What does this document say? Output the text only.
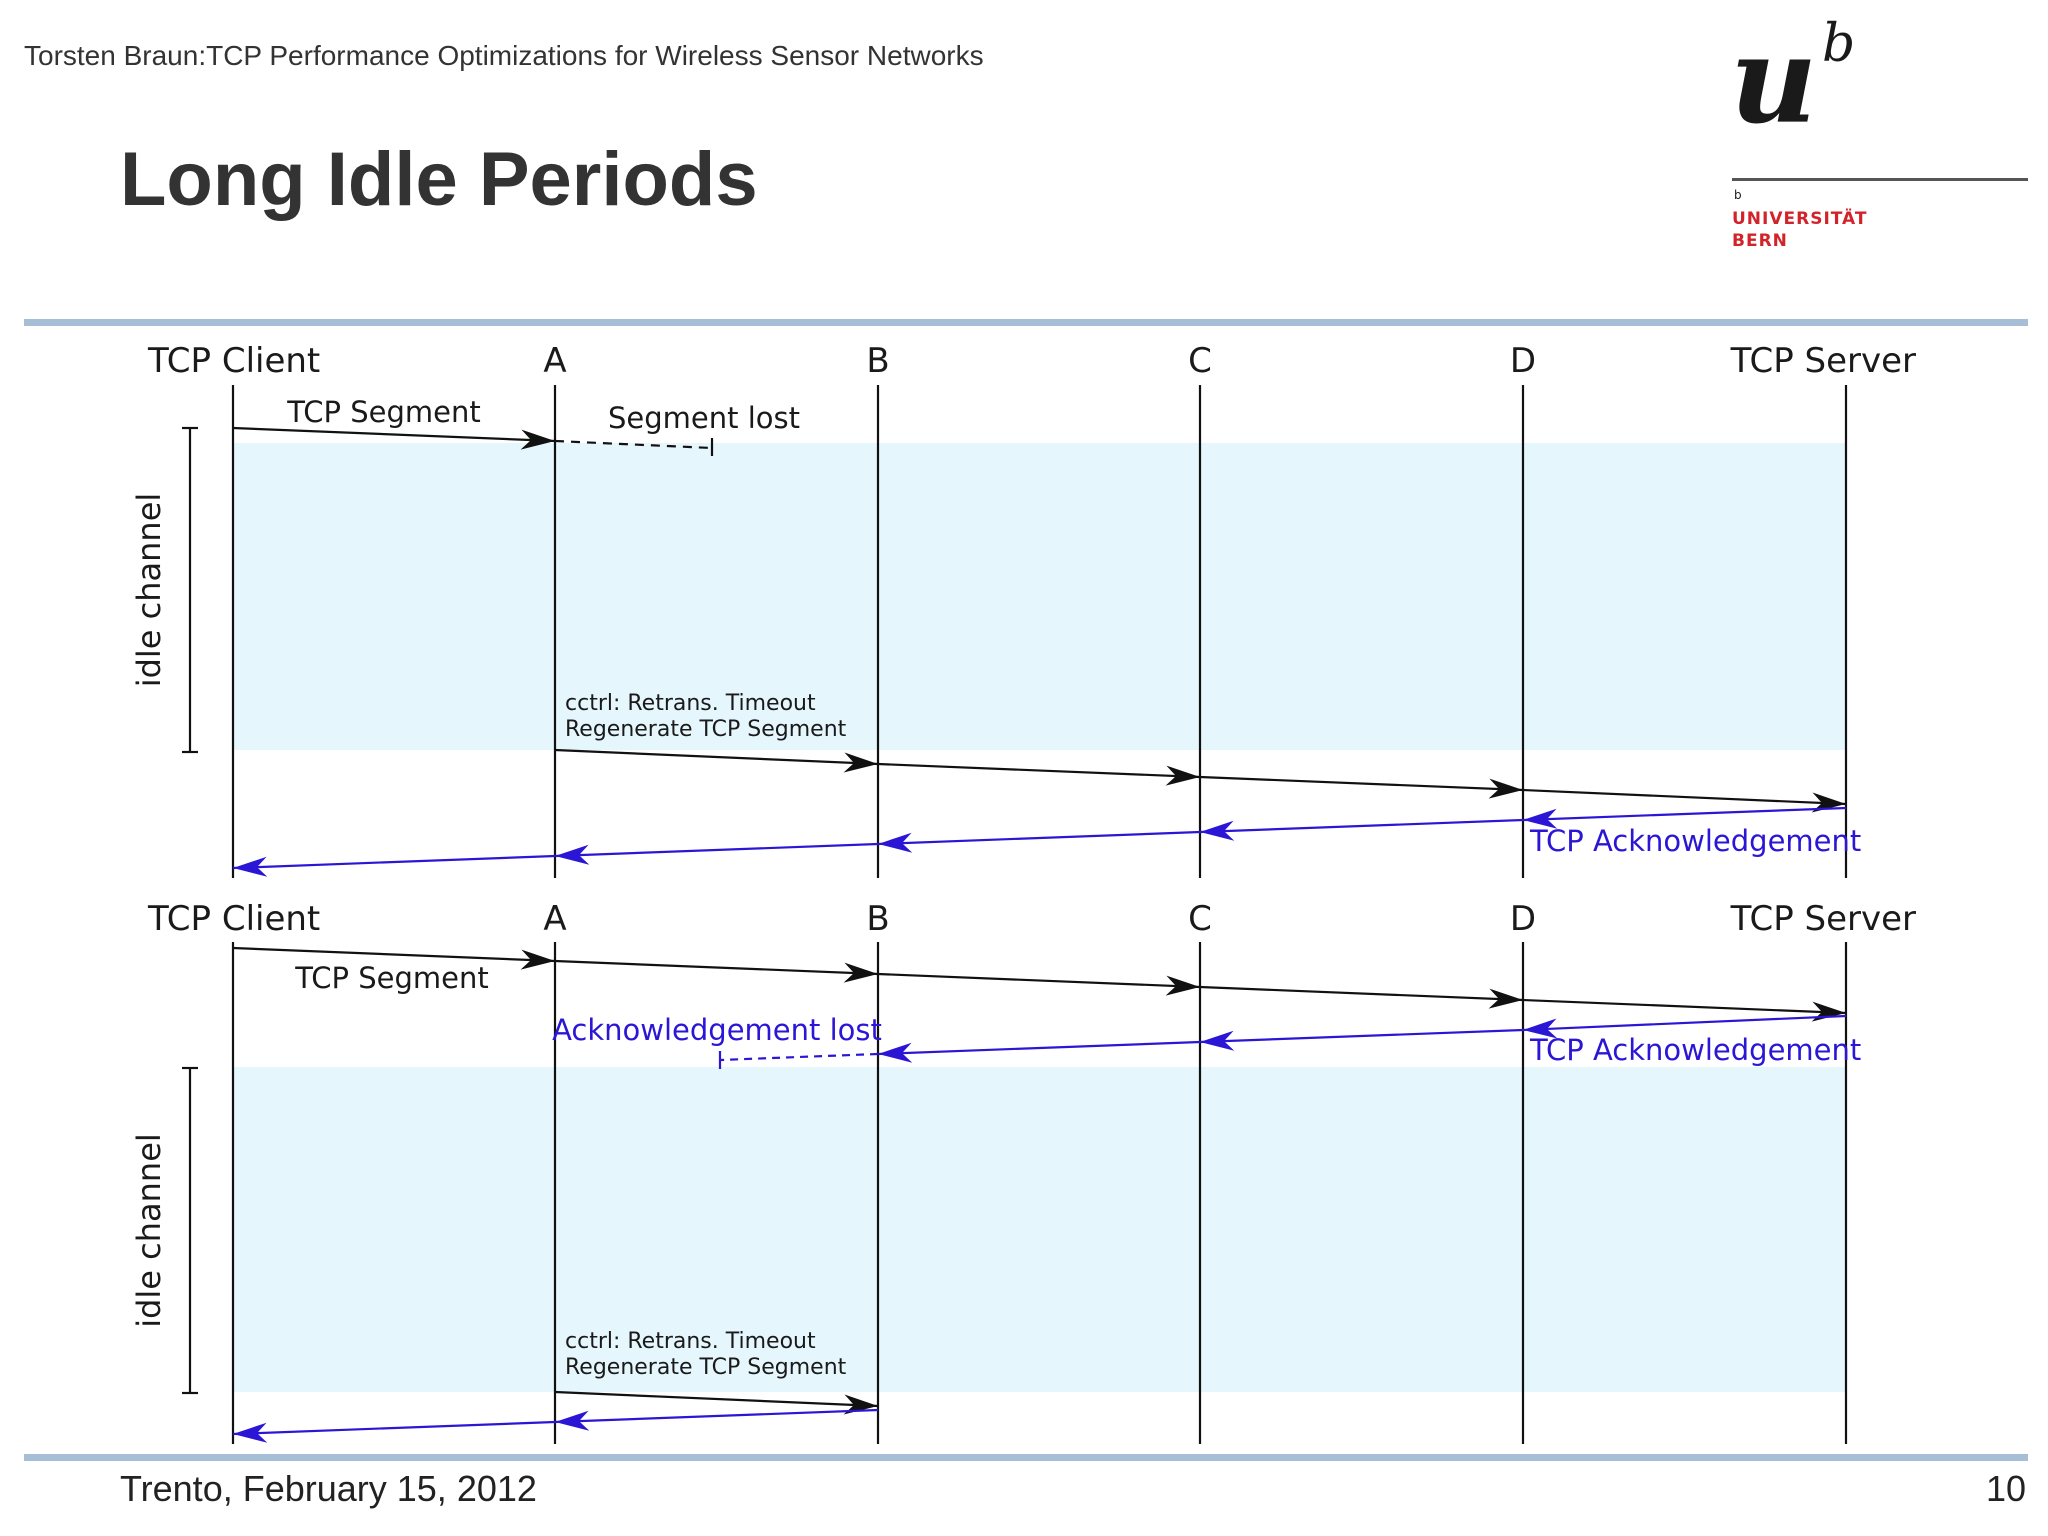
Torsten Braun:TCP Performance Optimizations for Wireless Sensor Networks
Long Idle Periods
u b
b
UNIVERSITÄT
BERN
TCP Client	A	B	C	D	TCP Server
idle channel
TCP Segment	Segment lost
cctrl: Retrans. Timeout
Regenerate TCP Segment
TCP Acknowledgement
TCP Client	A	B	C	D	TCP Server
idle channel
TCP Segment
Acknowledgement lost
TCP Acknowledgement
cctrl: Retrans. Timeout
Regenerate TCP Segment
Trento, February 15, 2012	10
